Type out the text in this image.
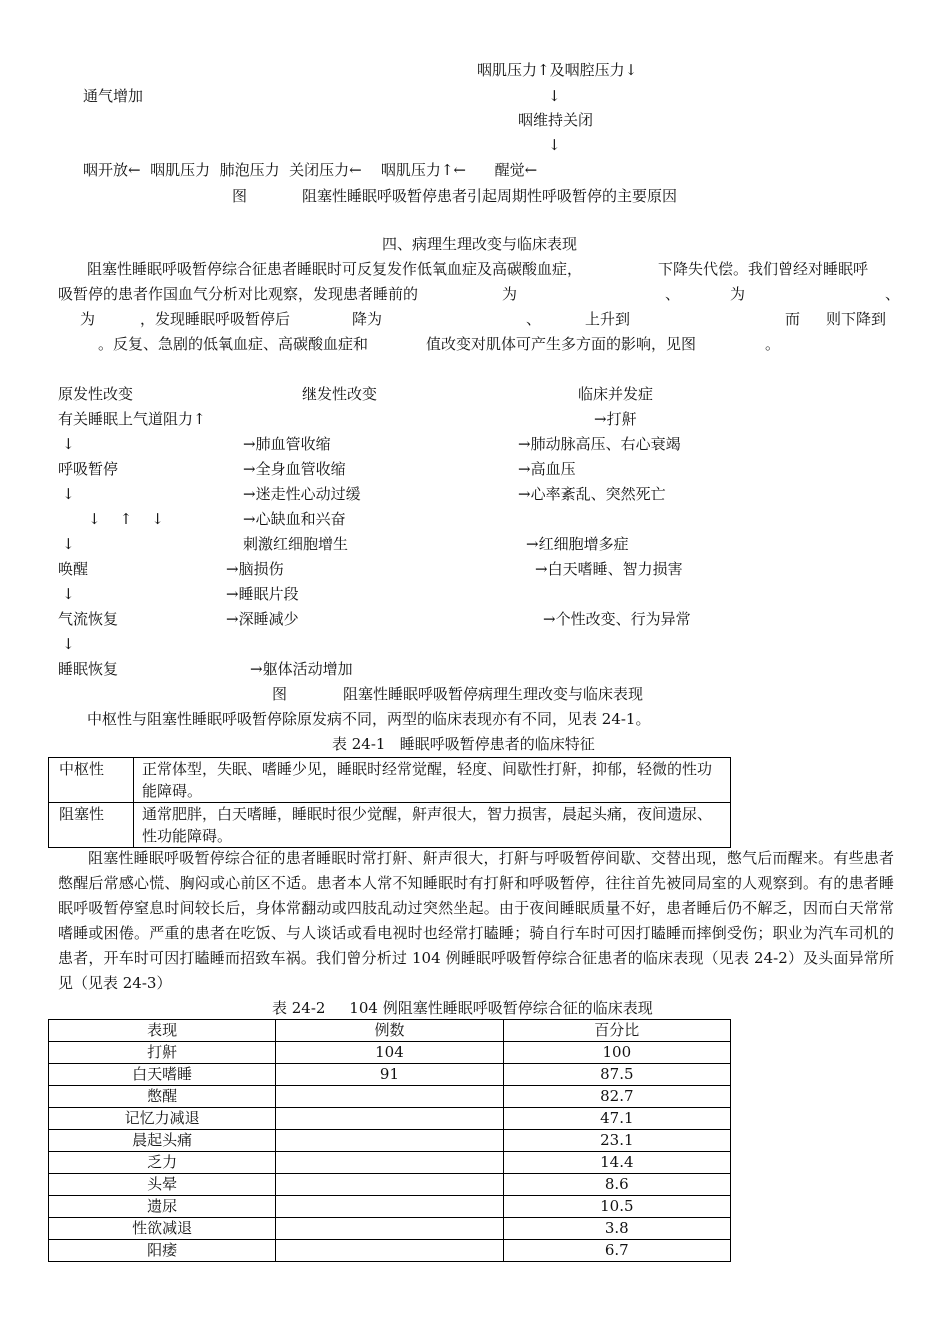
咽肌压力↑及咽腔压力↓
通气增加	↓
咽维持关闭
↓
咽开放←  咽肌压力  肺泡压力  关闭压力←    咽肌压力↑←      醒觉←
图	阻塞性睡眠呼吸暂停患者引起周期性呼吸暂停的主要原因
四、病理生理改变与临床表现
阻塞性睡眠呼吸暂停综合征患者睡眠时可反复发作低氧血症及高碳酸血症，	下降失代偿。我们曾经对睡眠呼
吸暂停的患者作国血气分析对比观察，发现患者睡前的	为	、	为	、
为	，发现睡眠呼吸暂停后	降为	、	上升到	而 则下降到
。反复、急剧的低氧血症、高碳酸血症和	值改变对肌体可产生多方面的影响，见图	。
原发性改变	继发性改变	临床并发症
有关睡眠上气道阻力↑
↓
呼吸暂停
↓
↓    ↑    ↓
↓
唤醒
↓
气流恢复
↓
睡眠恢复
→肺血管收缩
→全身血管收缩
→迷走性心动过缓
→心缺血和兴奋
刺激红细胞增生
→脑损伤
→睡眠片段
→深睡减少
→躯体活动增加
→打鼾
→肺动脉高压、右心衰竭
→高血压
→心率紊乱、突然死亡
→红细胞增多症
→白天嗜睡、智力损害
→个性改变、行为异常
图	阻塞性睡眠呼吸暂停病理生理改变与临床表现
中枢性与阻塞性睡眠呼吸暂停除原发病不同，两型的临床表现亦有不同，见表 24-1。
表 24-1   睡眠呼吸暂停患者的临床特征
中枢性	正常体型，失眠、嗜睡少见，睡眠时经常觉醒，轻度、间歇性打鼾，抑郁，轻微的性功能障碍。
阻塞性	通常肥胖，白天嗜睡，睡眠时很少觉醒，鼾声很大，智力损害，晨起头痛，夜间遗尿、性功能障碍。
阻塞性睡眠呼吸暂停综合征的患者睡眠时常打鼾、鼾声很大，打鼾与呼吸暂停间歇、交替出现，憋气后而醒来。有些患者憋醒后常感心慌、胸闷或心前区不适。患者本人常不知睡眠时有打鼾和呼吸暂停，往往首先被同局室的人观察到。有的患者睡眠呼吸暂停窒息时间较长后，身体常翻动或四肢乱动过突然坐起。由于夜间睡眠质量不好，患者睡后仍不解乏，因而白天常常嗜睡或困倦。严重的患者在吃饭、与人谈话或看电视时也经常打瞌睡；骑自行车时可因打瞌睡而摔倒受伤；职业为汽车司机的患者，开车时可因打瞌睡而招致车祸。我们曾分析过 104 例睡眠呼吸暂停综合征患者的临床表现（见表 24-2）及头面异常所见（见表 24-3）
表 24-2     104 例阻塞性睡眠呼吸暂停综合征的临床表现
表现	例数	百分比
打鼾	104	100
白天嗜睡	91	87.5
憋醒		82.7
记忆力减退		47.1
晨起头痛		23.1
乏力		14.4
头晕		8.6
遗尿		10.5
性欲减退		3.8
阳痿		6.7
